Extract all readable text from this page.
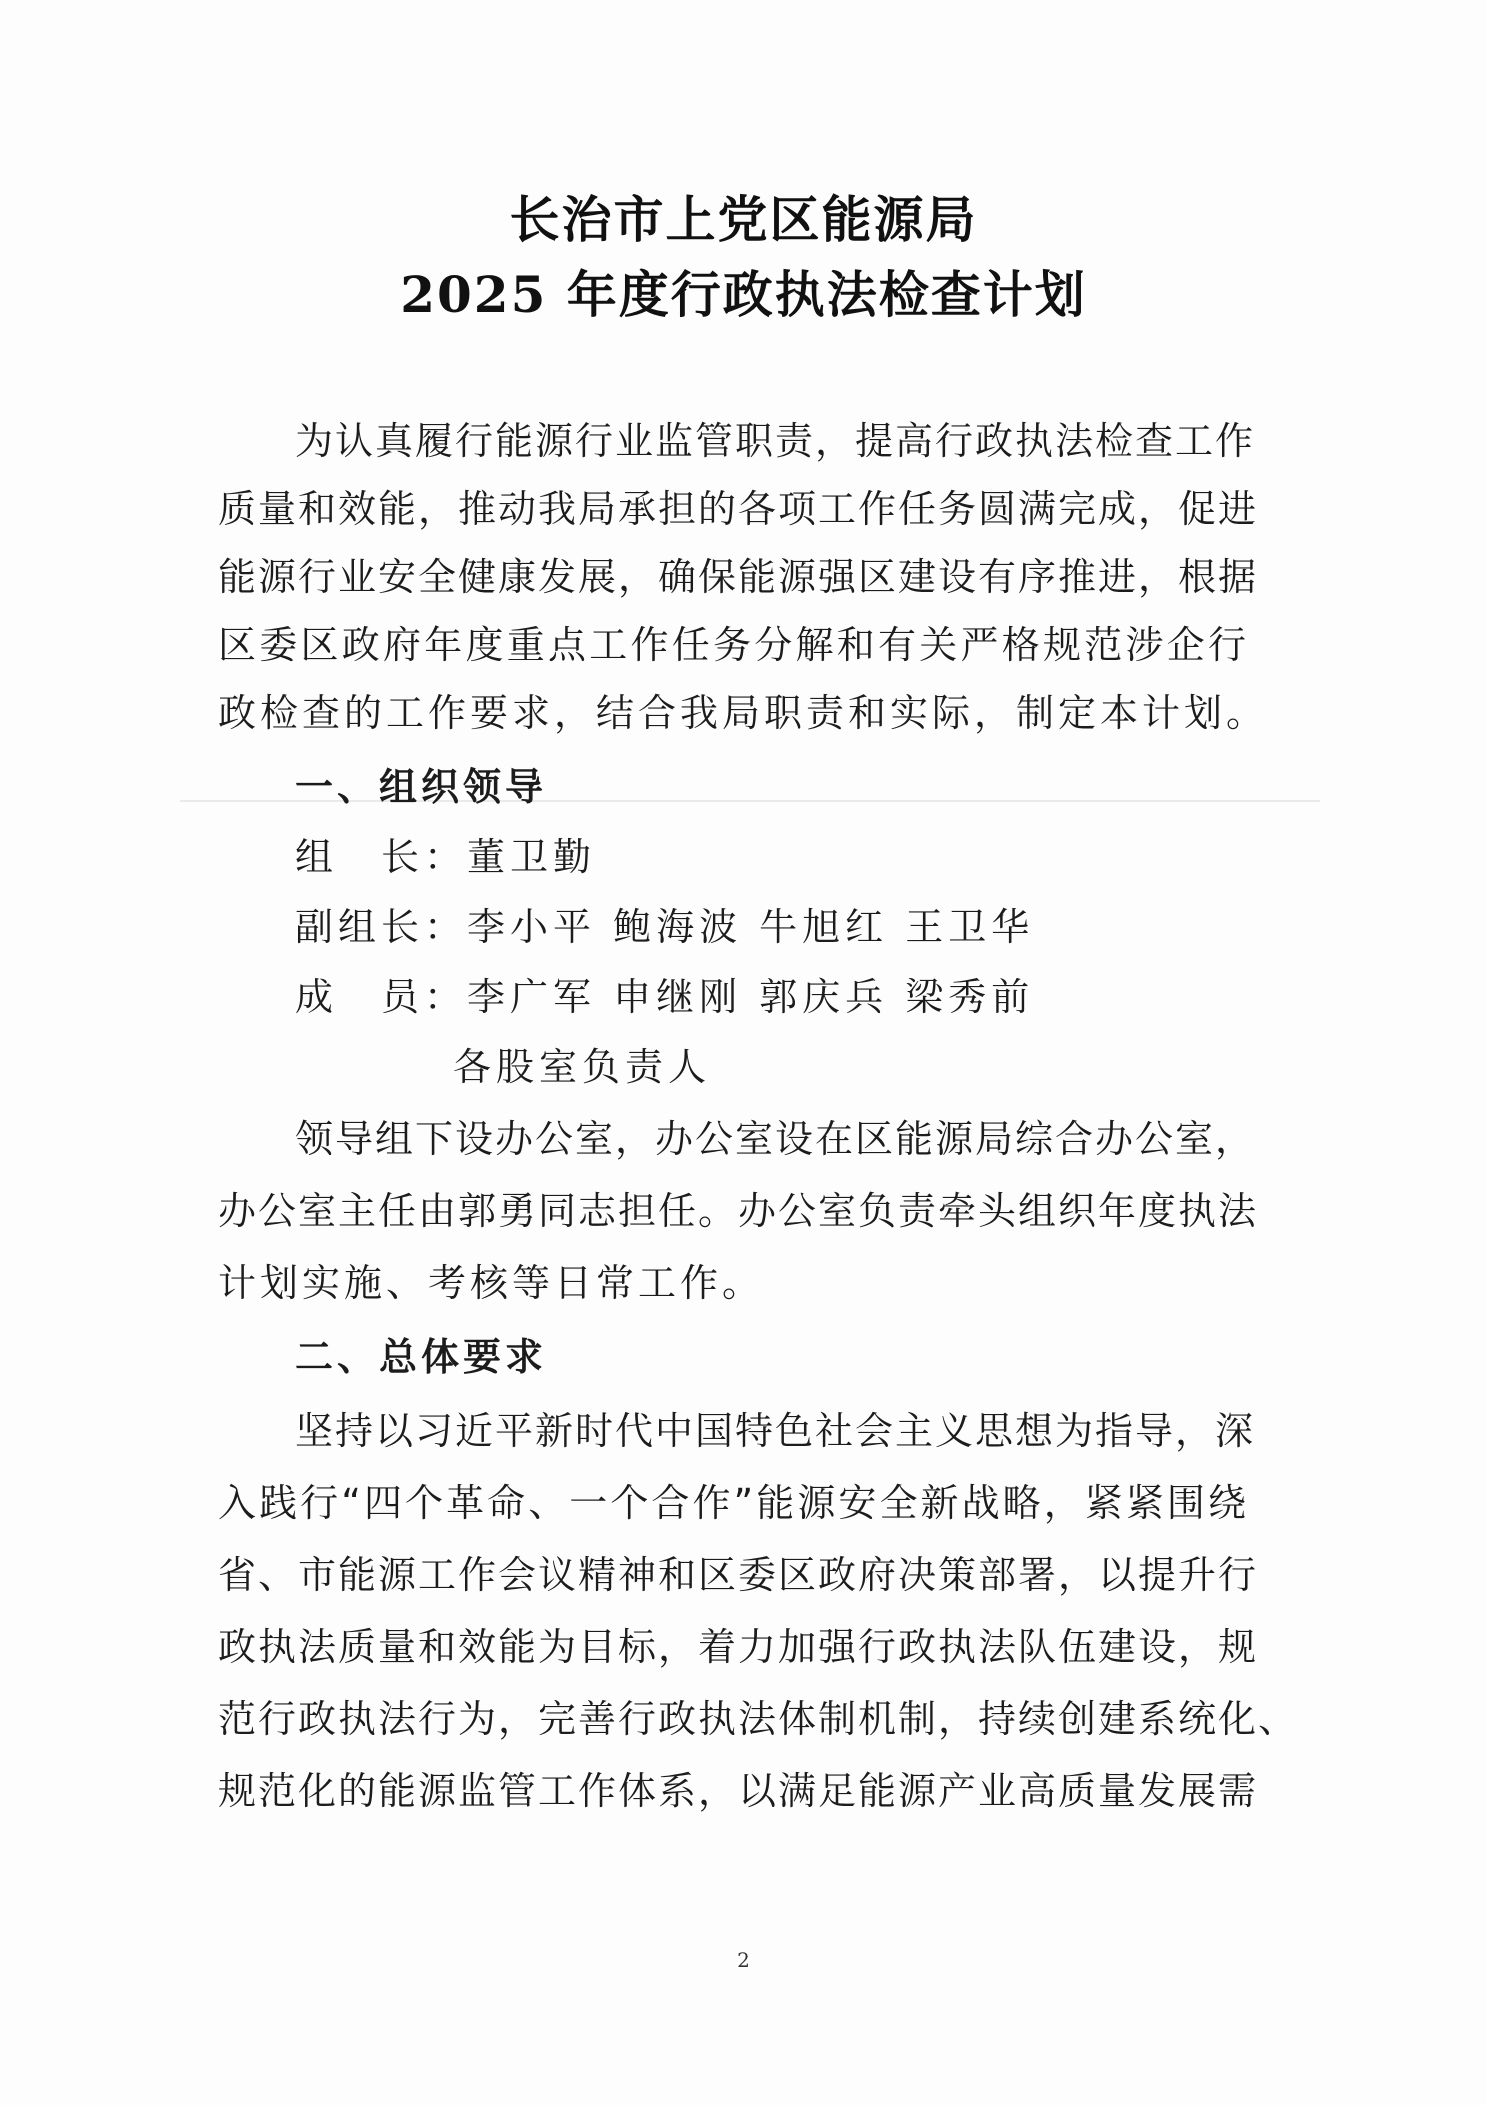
长治市上党区能源局
2025 年度行政执法检查计划
为认真履行能源行业监管职责，提高行政执法检查工作
质量和效能，推动我局承担的各项工作任务圆满完成，促进
能源行业安全健康发展，确保能源强区建设有序推进，根据
区委区政府年度重点工作任务分解和有关严格规范涉企行
政检查的工作要求，结合我局职责和实际，制定本计划。
一、组织领导
组　长：董卫勤
副组长：李小平 鲍海波 牛旭红 王卫华
成　员：李广军 申继刚 郭庆兵 梁秀前
各股室负责人
领导组下设办公室，办公室设在区能源局综合办公室，
办公室主任由郭勇同志担任。办公室负责牵头组织年度执法
计划实施、考核等日常工作。
二、总体要求
坚持以习近平新时代中国特色社会主义思想为指导，深
入践行“四个革命、一个合作”能源安全新战略，紧紧围绕
省、市能源工作会议精神和区委区政府决策部署，以提升行
政执法质量和效能为目标，着力加强行政执法队伍建设，规
范行政执法行为，完善行政执法体制机制，持续创建系统化、
规范化的能源监管工作体系，以满足能源产业高质量发展需
2
